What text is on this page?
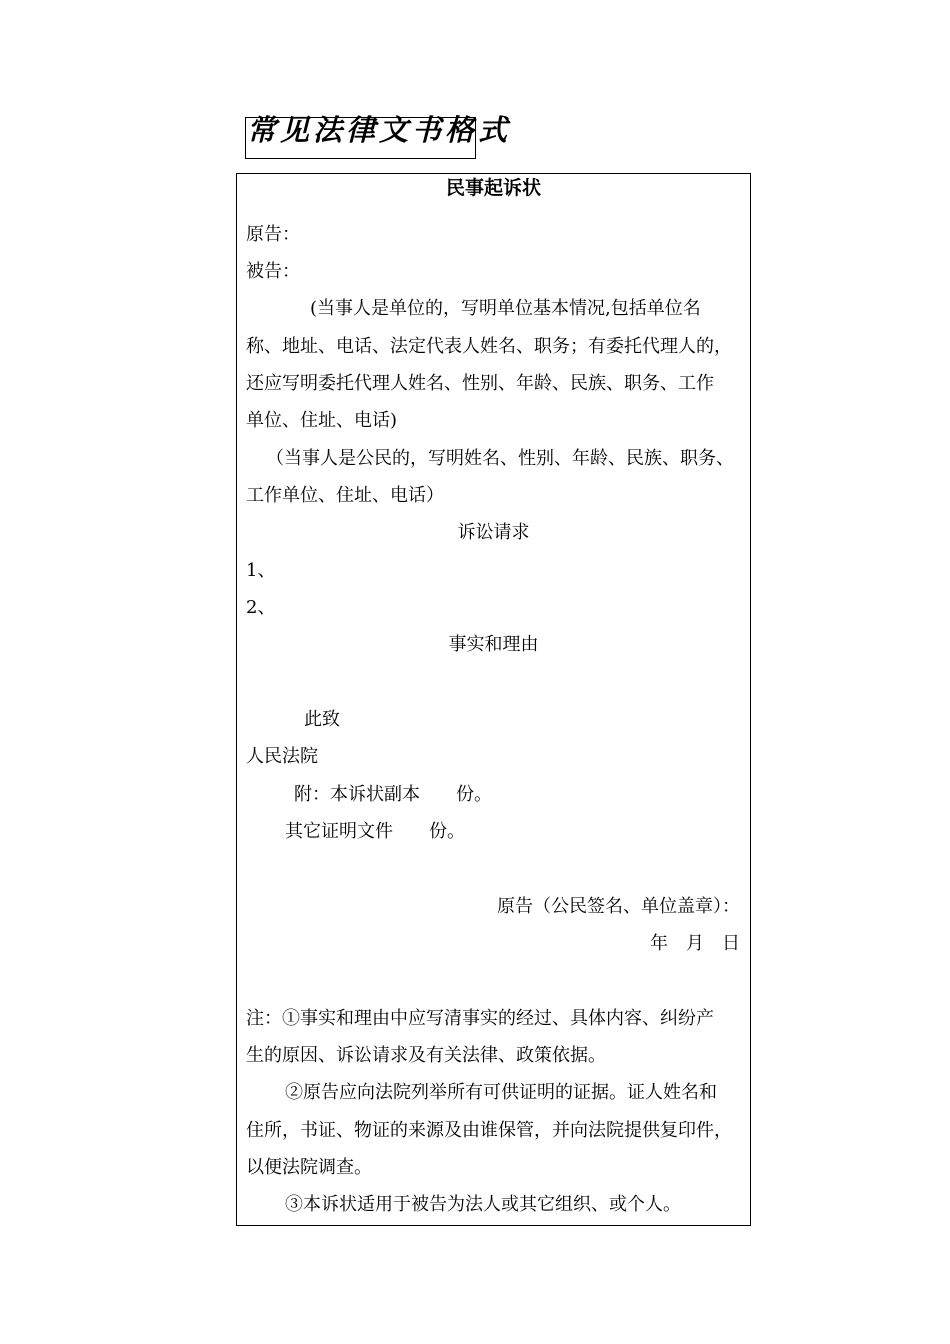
常见法律文书格式
民事起诉状
原告：
被告：
(当事人是单位的，写明单位基本情况,包括单位名
称、地址、电话、法定代表人姓名、职务；有委托代理人的，
还应写明委托代理人姓名、性别、年龄、民族、职务、工作
单位、住址、电话)
（当事人是公民的，写明姓名、性别、年龄、民族、职务、
工作单位、住址、电话）
诉讼请求
1、
2、
事实和理由
此致
人民法院
附：本诉状副本　　份。
其它证明文件　　份。
原告（公民签名、单位盖章）：
年　月　日
注：①事实和理由中应写清事实的经过、具体内容、纠纷产
生的原因、诉讼请求及有关法律、政策依据。
②原告应向法院列举所有可供证明的证据。证人姓名和
住所，书证、物证的来源及由谁保管，并向法院提供复印件，
以便法院调查。
③本诉状适用于被告为法人或其它组织、或个人。
